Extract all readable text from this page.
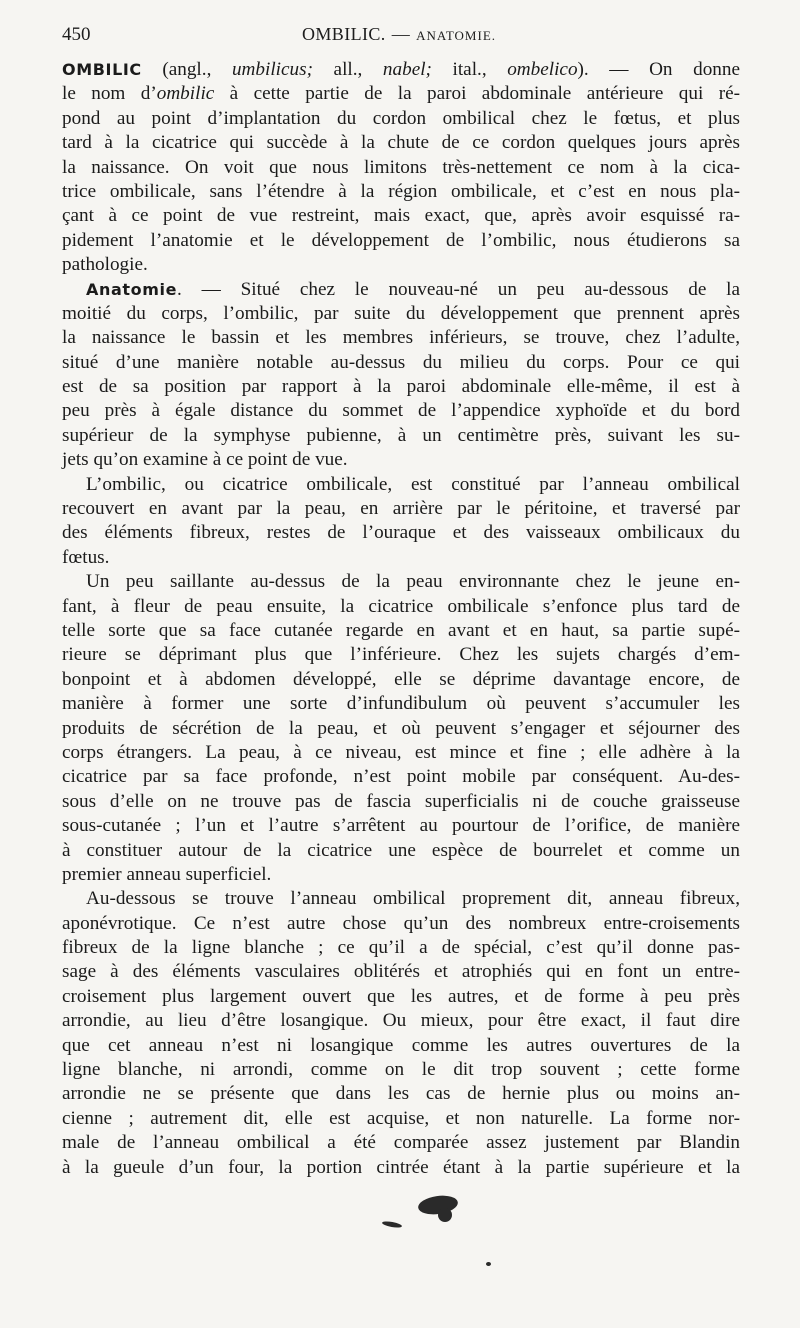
450	OMBILIC. — ANATOMIE.
OMBILIC (angl., umbilicus; all., nabel; ital., ombelico). — On donne
le nom d’ombilic à cette partie de la paroi abdominale antérieure qui ré-
pond au point d’implantation du cordon ombilical chez le fœtus, et plus
tard à la cicatrice qui succède à la chute de ce cordon quelques jours après
la naissance. On voit que nous limitons très-nettement ce nom à la cica-
trice ombilicale, sans l’étendre à la région ombilicale, et c’est en nous pla-
çant à ce point de vue restreint, mais exact, que, après avoir esquissé ra-
pidement l’anatomie et le développement de l’ombilic, nous étudierons sa
pathologie.
Anatomie. — Situé chez le nouveau-né un peu au-dessous de la
moitié du corps, l’ombilic, par suite du développement que prennent après
la naissance le bassin et les membres inférieurs, se trouve, chez l’adulte,
situé d’une manière notable au-dessus du milieu du corps. Pour ce qui
est de sa position par rapport à la paroi abdominale elle-même, il est à
peu près à égale distance du sommet de l’appendice xyphoïde et du bord
supérieur de la symphyse pubienne, à un centimètre près, suivant les su-
jets qu’on examine à ce point de vue.
L’ombilic, ou cicatrice ombilicale, est constitué par l’anneau ombilical
recouvert en avant par la peau, en arrière par le péritoine, et traversé par
des éléments fibreux, restes de l’ouraque et des vaisseaux ombilicaux du
fœtus.
Un peu saillante au-dessus de la peau environnante chez le jeune en-
fant, à fleur de peau ensuite, la cicatrice ombilicale s’enfonce plus tard de
telle sorte que sa face cutanée regarde en avant et en haut, sa partie supé-
rieure se déprimant plus que l’inférieure. Chez les sujets chargés d’em-
bonpoint et à abdomen développé, elle se déprime davantage encore, de
manière à former une sorte d’infundibulum où peuvent s’accumuler les
produits de sécrétion de la peau, et où peuvent s’engager et séjourner des
corps étrangers. La peau, à ce niveau, est mince et fine ; elle adhère à la
cicatrice par sa face profonde, n’est point mobile par conséquent. Au-des-
sous d’elle on ne trouve pas de fascia superficialis ni de couche graisseuse
sous-cutanée ; l’un et l’autre s’arrêtent au pourtour de l’orifice, de manière
à constituer autour de la cicatrice une espèce de bourrelet et comme un
premier anneau superficiel.
Au-dessous se trouve l’anneau ombilical proprement dit, anneau fibreux,
aponévrotique. Ce n’est autre chose qu’un des nombreux entre-croisements
fibreux de la ligne blanche ; ce qu’il a de spécial, c’est qu’il donne pas-
sage à des éléments vasculaires oblitérés et atrophiés qui en font un entre-
croisement plus largement ouvert que les autres, et de forme à peu près
arrondie, au lieu d’être losangique. Ou mieux, pour être exact, il faut dire
que cet anneau n’est ni losangique comme les autres ouvertures de la
ligne blanche, ni arrondi, comme on le dit trop souvent ; cette forme
arrondie ne se présente que dans les cas de hernie plus ou moins an-
cienne ; autrement dit, elle est acquise, et non naturelle. La forme nor-
male de l’anneau ombilical a été comparée assez justement par Blandin
à la gueule d’un four, la portion cintrée étant à la partie supérieure et la
